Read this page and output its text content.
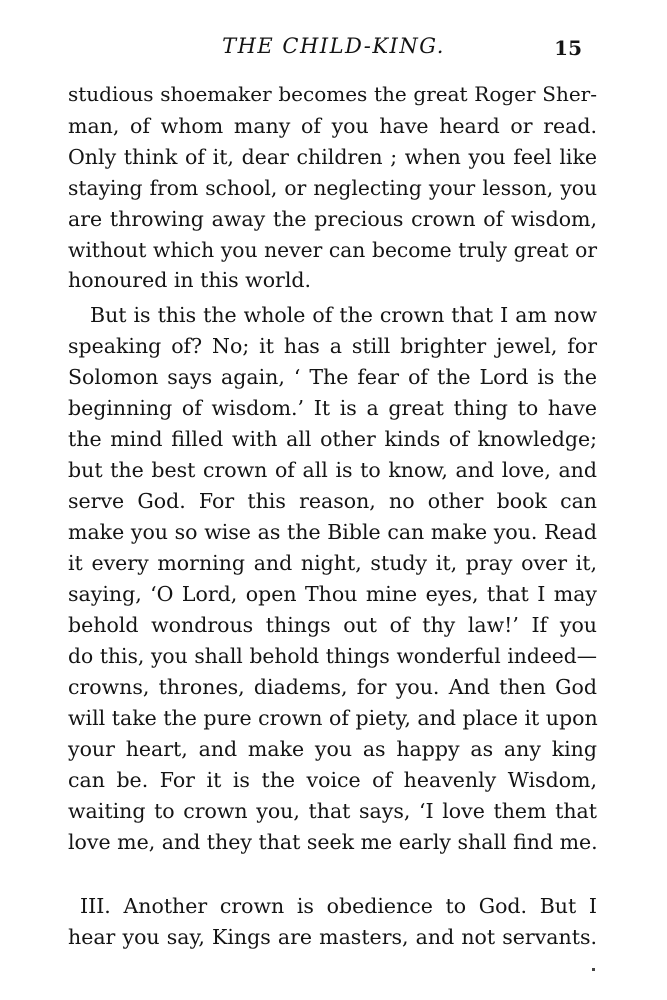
THE CHILD-KING.	15
studious shoemaker becomes the great Roger Sher-
man, of whom many of you have heard or read.
Only think of it, dear children ; when you feel like
staying from school, or neglecting your lesson, you
are throwing away the precious crown of wisdom,
without which you never can become truly great or
honoured in this world.
But is this the whole of the crown that I am now
speaking of? No; it has a still brighter jewel, for
Solomon says again, ‘ The fear of the Lord is the
beginning of wisdom.’ It is a great thing to have
the mind filled with all other kinds of knowledge;
but the best crown of all is to know, and love, and
serve God. For this reason, no other book can
make you so wise as the Bible can make you. Read
it every morning and night, study it, pray over it,
saying, ‘O Lord, open Thou mine eyes, that I may
behold wondrous things out of thy law!’ If you
do this, you shall behold things wonderful indeed—
crowns, thrones, diadems, for you. And then God
will take the pure crown of piety, and place it upon
your heart, and make you as happy as any king
can be. For it is the voice of heavenly Wisdom,
waiting to crown you, that says, ‘I love them that
love me, and they that seek me early shall find me.
III. Another crown is obedience to God. But I
hear you say, Kings are masters, and not servants.
